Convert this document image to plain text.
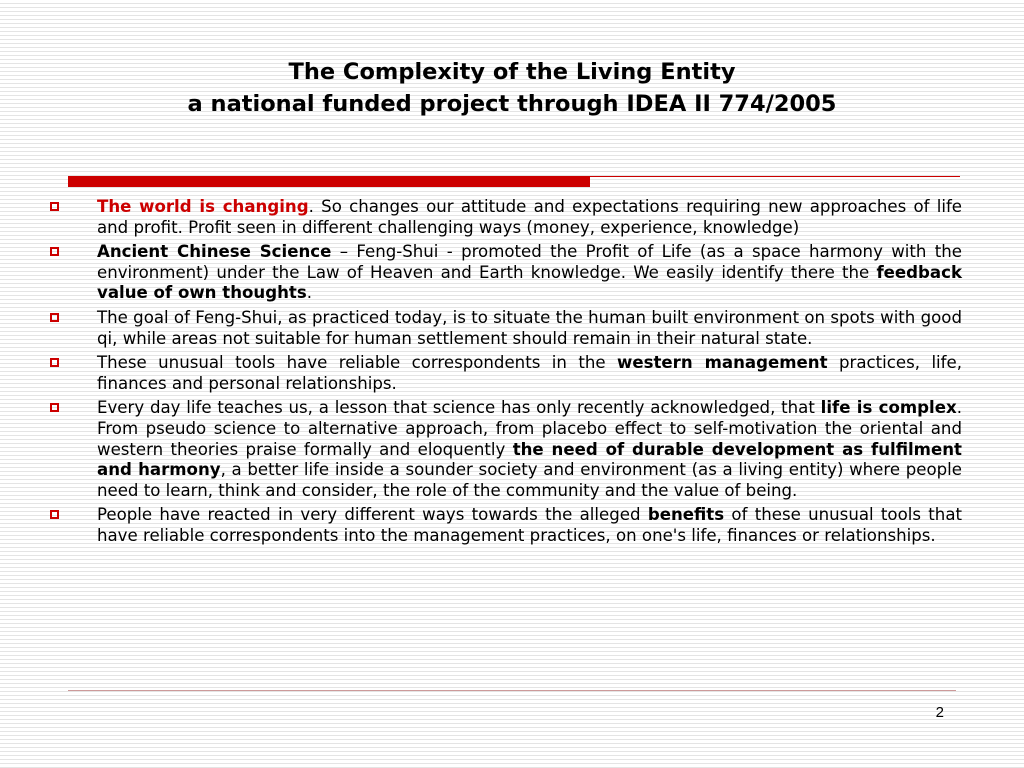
The Complexity of the Living Entity
a national funded project through IDEA II 774/2005
The world is changing. So changes our attitude and expectations requiring new approaches of life and profit. Profit seen in different challenging ways (money, experience, knowledge)
Ancient Chinese Science – Feng-Shui - promoted the Profit of Life (as a space harmony with the environment) under the Law of Heaven and Earth knowledge. We easily identify there the feedback value of own thoughts.
The goal of Feng-Shui, as practiced today, is to situate the human built environment on spots with good qi, while areas not suitable for human settlement should remain in their natural state.
These unusual tools have reliable correspondents in the western management practices, life, finances and personal relationships.
Every day life teaches us, a lesson that science has only recently acknowledged, that life is complex. From pseudo science to alternative approach, from placebo effect to self-motivation the oriental and western theories praise formally and eloquently the need of durable development as fulfilment and harmony, a better life inside a sounder society and environment (as a living entity) where people need to learn, think and consider, the role of the community and the value of being.
People have reacted in very different ways towards the alleged benefits of these unusual tools that have reliable correspondents into the management practices, on one's life, finances or relationships.
2
